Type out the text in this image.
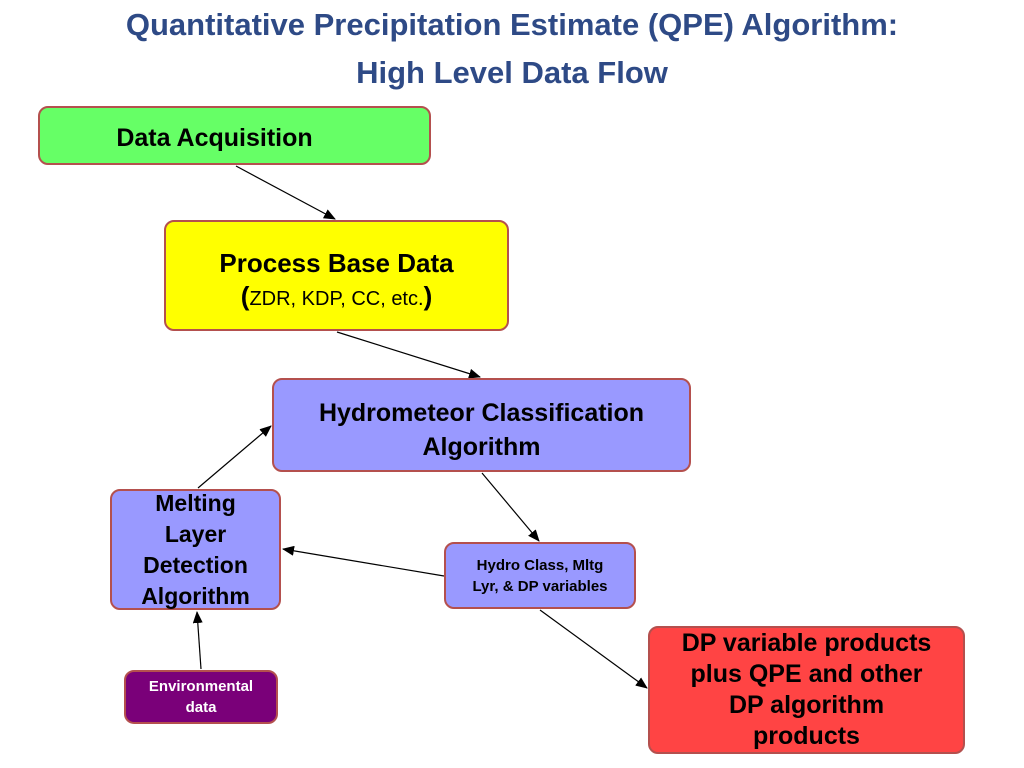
Quantitative Precipitation Estimate (QPE) Algorithm:
High Level Data Flow
Data Acquisition
Process Base Data
(ZDR, KDP, CC, etc.)
Hydrometeor Classification
Algorithm
Melting
Layer
Detection
Algorithm
Hydro Class, Mltg
Lyr, & DP variables
Environmental
data
DP variable products
plus QPE and other
DP algorithm
products
